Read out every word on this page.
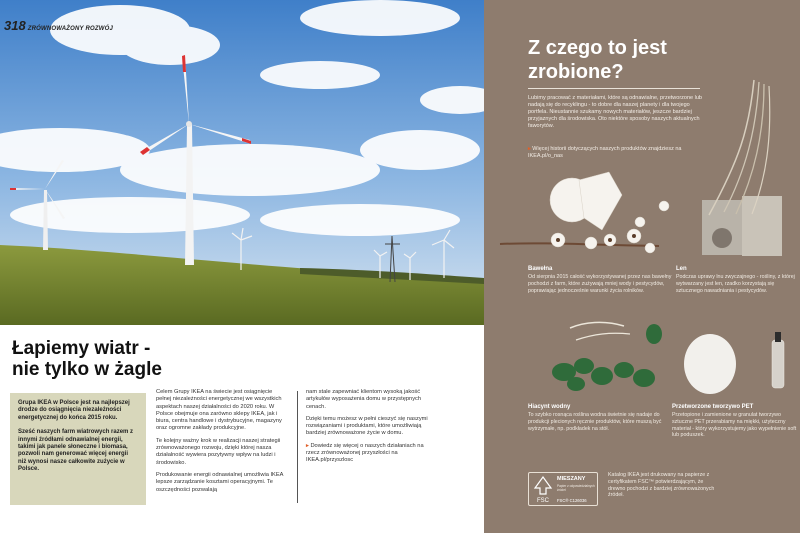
318 ZRÓWNOWAŻONY ROZWÓJ
Łapiemy wiatr -
nie tylko w żagle

Grupa IKEA w Polsce jest na najlepszej drodze do osiągnięcia niezależności energetycznej do końca 2015 roku.

Sześć naszych farm wiatrowych razem z innymi źródłami odnawialnej energii, takimi jak panele słoneczne i biomasa, pozwoli nam generować więcej energii niż wynosi nasze całkowite zużycie w Polsce.

Celem Grupy IKEA na świecie jest osiągnięcie pełnej niezależności energetycznej we wszystkich aspektach naszej działalności do 2020 roku. W Polsce obejmuje ona zarówno sklepy IKEA, jak i biura, centra handlowe i dystrybucyjne, magazyny oraz ogromne zakłady produkcyjne.

Te kolejny ważny krok w realizacji naszej strategii zrównoważonego rozwoju, dzięki której nasza działalność wywiera pozytywny wpływ na ludzi i środowisko.

Produkowanie energii odnawialnej umożliwia IKEA lepsze zarządzanie kosztami operacyjnymi. Te oszczędności pozwalają

nam stale zapewniać klientom wysoką jakość artykułów wyposażenia domu w przystępnych cenach.

Dzięki temu możesz w pełni cieszyć się naszymi rozwiązaniami i produktami, które umożliwiają bardziej zrównoważone życie w domu.

▸ Dowiedz się więcej o naszych działaniach na rzecz zrównoważonej przyszłości na IKEA.pl/przyszlosc

Z czego to jest
zrobione?

Lubimy pracować z materiałami, które są odnawialne, przetworzone lub nadają się do recyklingu - to dobre dla naszej planety i dla twojego portfela. Nieustannie szukamy nowych materiałów, jeszcze bardziej przyjaznych dla środowiska. Oto niektóre sposoby naszych aktualnych faworytów.

▸ Więcej historii dotyczących naszych produktów znajdziesz na IKEA.pl/o_nas

Bawełna

Od sierpnia 2015 całość wykorzystywanej przez nas bawełny pochodzi z farm, które zużywają mniej wody i pestycydów, poprawiając jednocześnie warunki życia rolników.

Len

Podczas uprawy lnu zwyczajnego - rośliny, z której wytwarzany jest len, rzadko korzystają się sztucznego nawadniania i pestycydów.

Hiacynt wodny

To szybko rosnąca roślina wodna świetnie się nadaje do produkcji plecionych ręcznie produktów, które muszą być wytrzymałe, np. podkładek na stół.

Przetworzone tworzywo PET

Przetopione i zamienione w granulat tworzywo sztuczne PET przerabiamy na miękki, użyteczny materiał - który wykorzystujemy jako wypełnienie soft lub poduszek.

FSC
MIESZANY
Papier z odpowiedzialnych źródeł
FSC® C126036

Katalog IKEA jest drukowany na papierze z certyfikatem FSC™ potwierdzającym, że drewno pochodzi z bardziej zrównoważonych źródeł.
